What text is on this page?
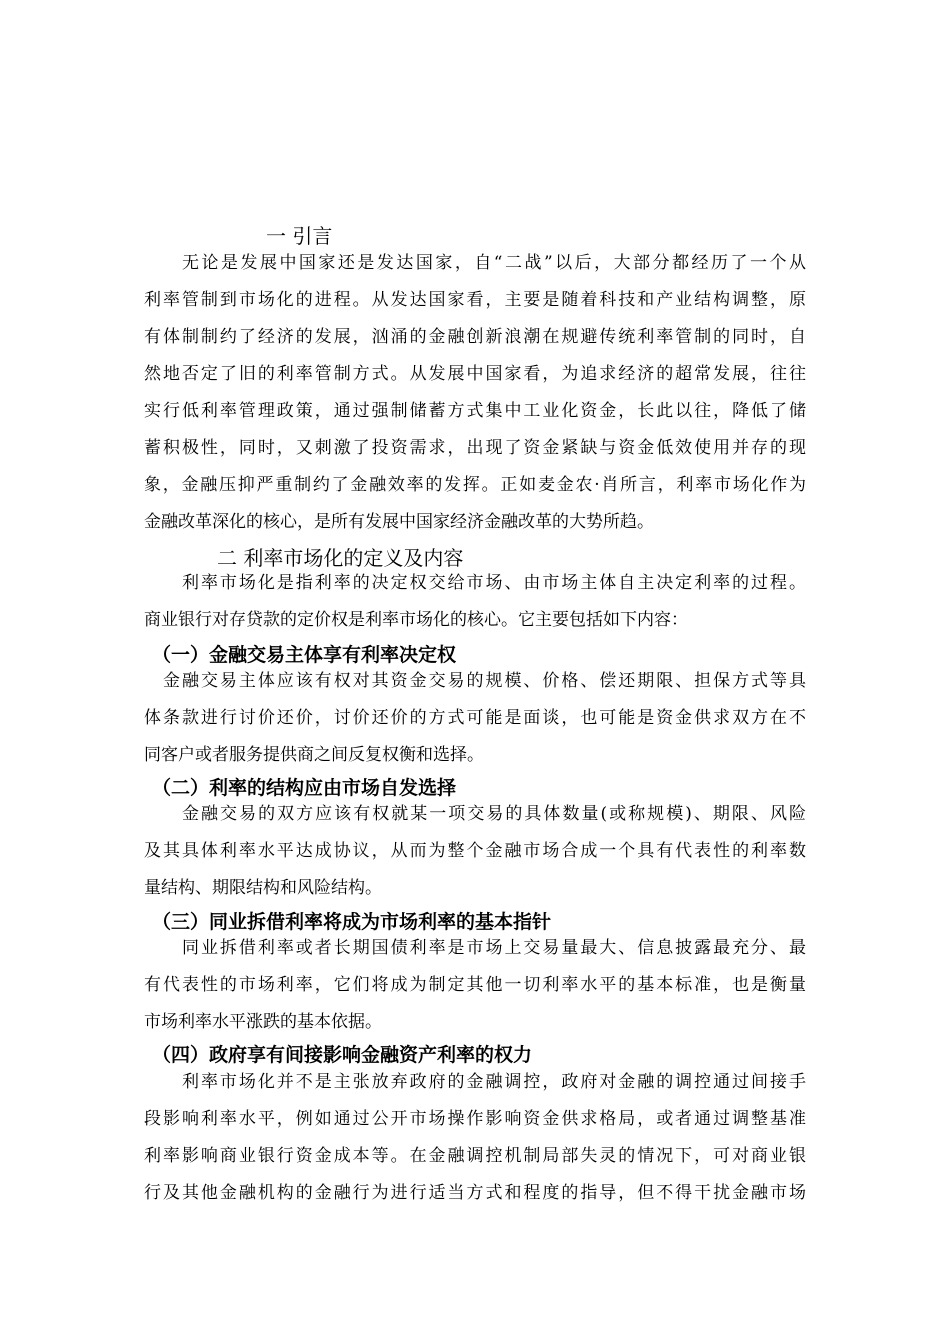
一 引言
无论是发展中国家还是发达国家，自“二战”以后，大部分都经历了一个从
利率管制到市场化的进程。从发达国家看，主要是随着科技和产业结构调整，原
有体制制约了经济的发展，汹涌的金融创新浪潮在规避传统利率管制的同时，自
然地否定了旧的利率管制方式。从发展中国家看，为追求经济的超常发展，往往
实行低利率管理政策，通过强制储蓄方式集中工业化资金，长此以往，降低了储
蓄积极性，同时，又刺激了投资需求，出现了资金紧缺与资金低效使用并存的现
象，金融压抑严重制约了金融效率的发挥。正如麦金农·肖所言，利率市场化作为
金融改革深化的核心，是所有发展中国家经济金融改革的大势所趋。
二 利率市场化的定义及内容
利率市场化是指利率的决定权交给市场、由市场主体自主决定利率的过程。
商业银行对存贷款的定价权是利率市场化的核心。它主要包括如下内容：
（一）金融交易主体享有利率决定权
金融交易主体应该有权对其资金交易的规模、价格、偿还期限、担保方式等具
体条款进行讨价还价，讨价还价的方式可能是面谈，也可能是资金供求双方在不
同客户或者服务提供商之间反复权衡和选择。
（二）利率的结构应由市场自发选择
金融交易的双方应该有权就某一项交易的具体数量(或称规模)、期限、风险
及其具体利率水平达成协议，从而为整个金融市场合成一个具有代表性的利率数
量结构、期限结构和风险结构。
（三）同业拆借利率将成为市场利率的基本指针
同业拆借利率或者长期国债利率是市场上交易量最大、信息披露最充分、最
有代表性的市场利率，它们将成为制定其他一切利率水平的基本标准，也是衡量
市场利率水平涨跌的基本依据。
（四）政府享有间接影响金融资产利率的权力
利率市场化并不是主张放弃政府的金融调控，政府对金融的调控通过间接手
段影响利率水平，例如通过公开市场操作影响资金供求格局，或者通过调整基准
利率影响商业银行资金成本等。在金融调控机制局部失灵的情况下，可对商业银
行及其他金融机构的金融行为进行适当方式和程度的指导，但不得干扰金融市场
